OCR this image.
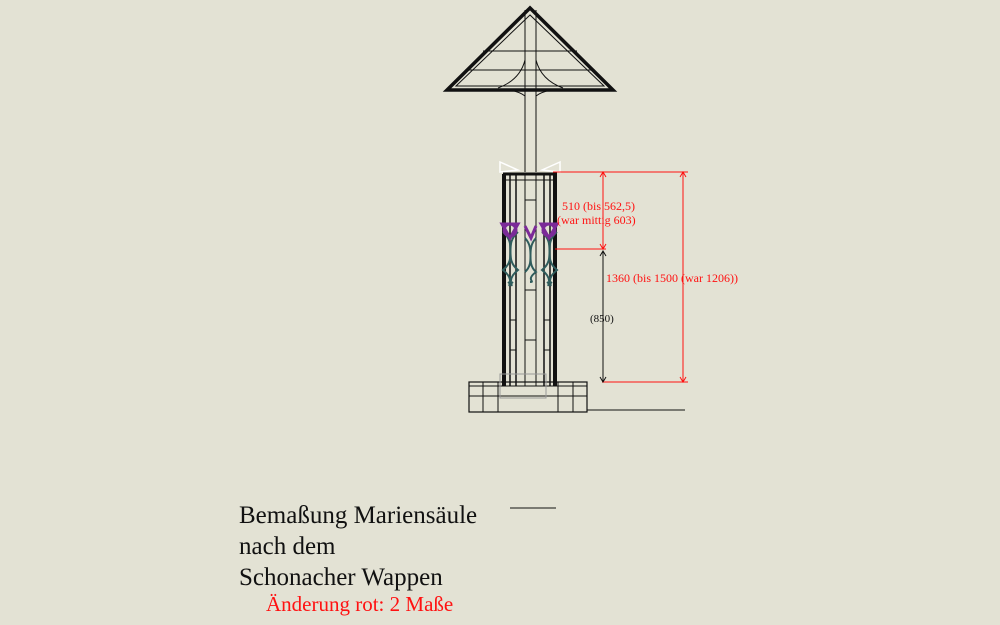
510 (bis 562,5)
(war mittig 603)
1360 (bis 1500 (war 1206))
(850)
Bemaßung Mariensäule
nach dem
Schonacher Wappen
Änderung rot: 2 Maße
